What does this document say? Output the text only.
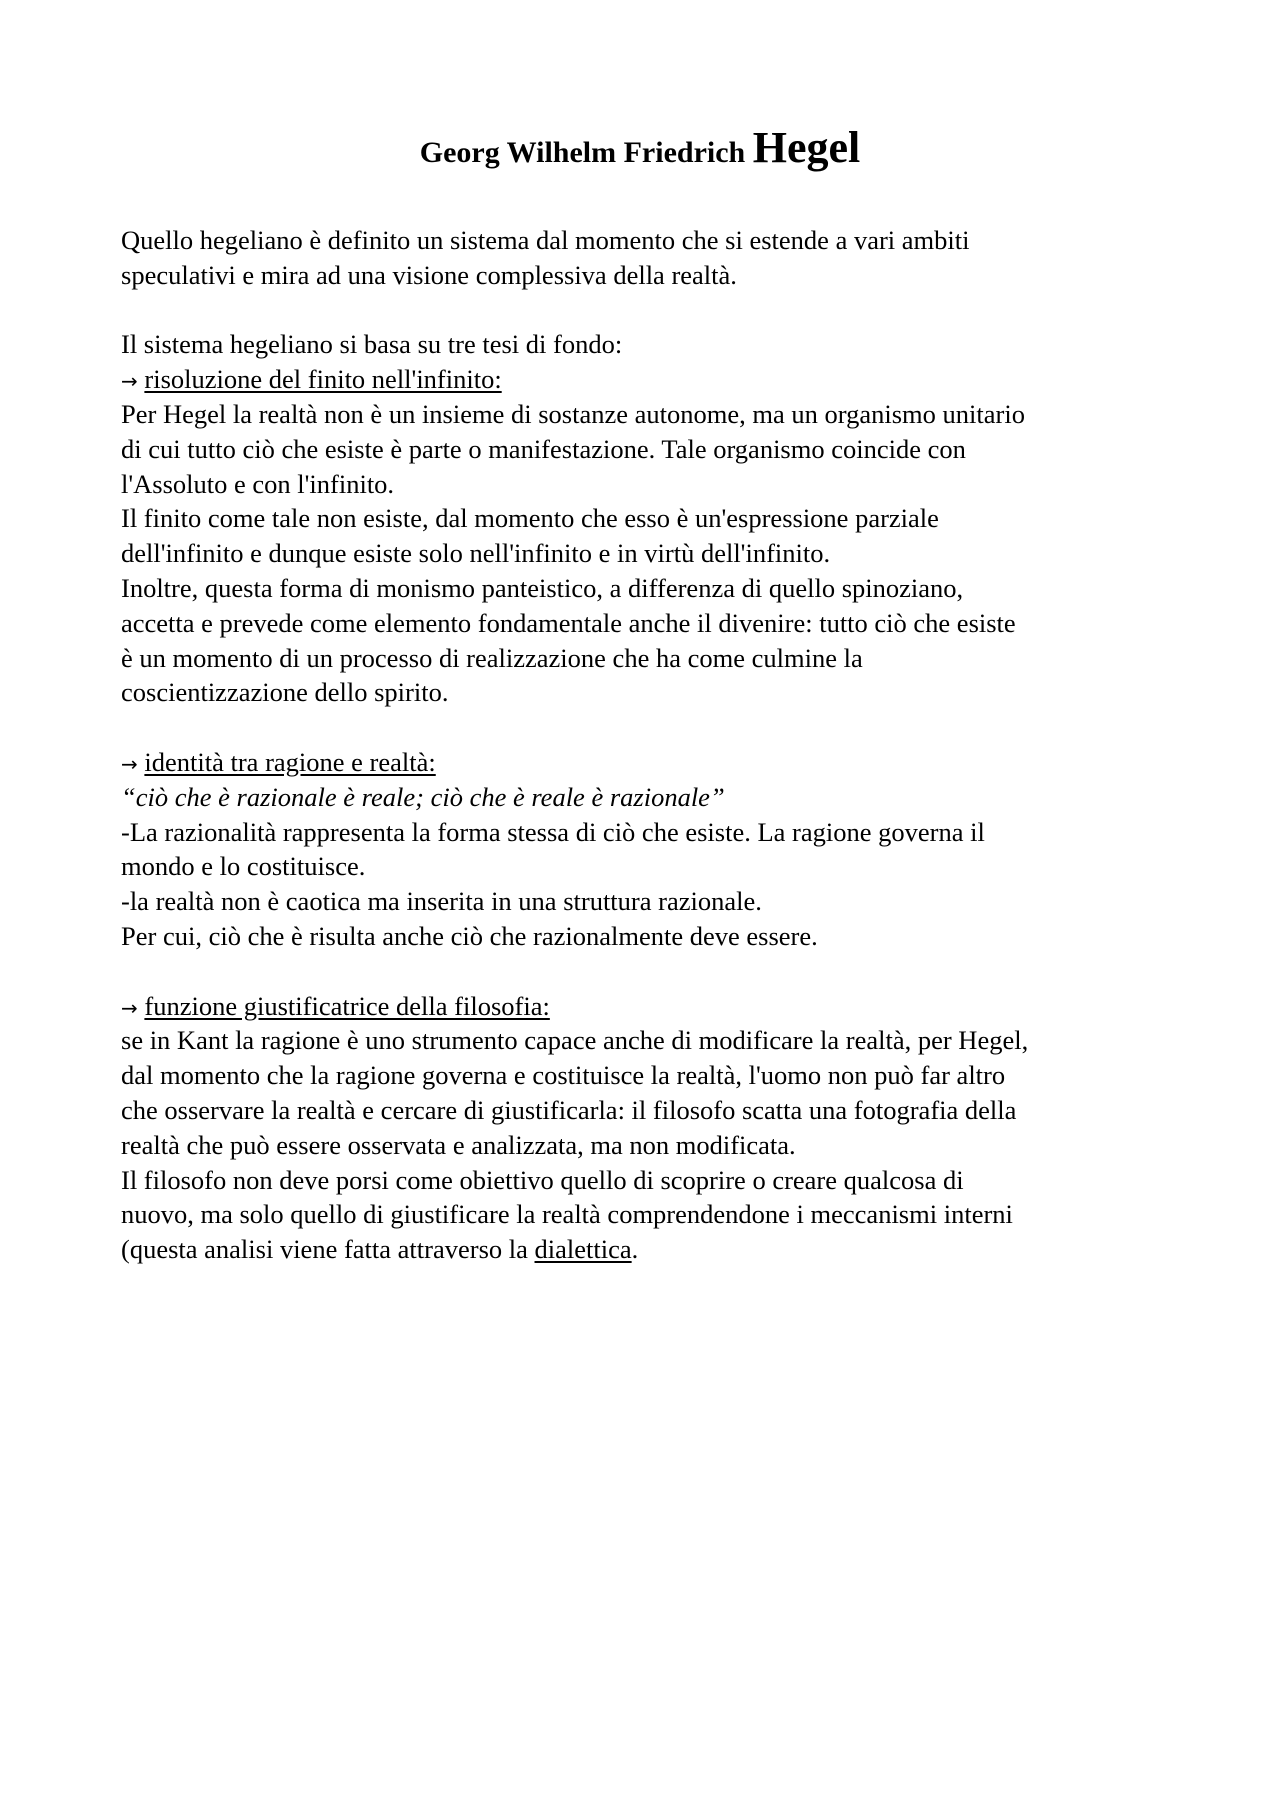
Georg Wilhelm Friedrich Hegel
Quello hegeliano è definito un sistema dal momento che si estende a vari ambiti
speculativi e mira ad una visione complessiva della realtà.
Il sistema hegeliano si basa su tre tesi di fondo:
→ risoluzione del finito nell'infinito:
Per Hegel la realtà non è un insieme di sostanze autonome, ma un organismo unitario
di cui tutto ciò che esiste è parte o manifestazione. Tale organismo coincide con
l'Assoluto e con l'infinito.
Il finito come tale non esiste, dal momento che esso è un'espressione parziale
dell'infinito e dunque esiste solo nell'infinito e in virtù dell'infinito.
Inoltre, questa forma di monismo panteistico, a differenza di quello spinoziano,
accetta e prevede come elemento fondamentale anche il divenire: tutto ciò che esiste
è un momento di un processo di realizzazione che ha come culmine la
coscientizzazione dello spirito.
→ identità tra ragione e realtà:
“ciò che è razionale è reale; ciò che è reale è razionale”
-La razionalità rappresenta la forma stessa di ciò che esiste. La ragione governa il
mondo e lo costituisce.
-la realtà non è caotica ma inserita in una struttura razionale.
Per cui, ciò che è risulta anche ciò che razionalmente deve essere.
→ funzione giustificatrice della filosofia:
se in Kant la ragione è uno strumento capace anche di modificare la realtà, per Hegel,
dal momento che la ragione governa e costituisce la realtà, l'uomo non può far altro
che osservare la realtà e cercare di giustificarla: il filosofo scatta una fotografia della
realtà che può essere osservata e analizzata, ma non modificata.
Il filosofo non deve porsi come obiettivo quello di scoprire o creare qualcosa di
nuovo, ma solo quello di giustificare la realtà comprendendone i meccanismi interni
(questa analisi viene fatta attraverso la dialettica.
